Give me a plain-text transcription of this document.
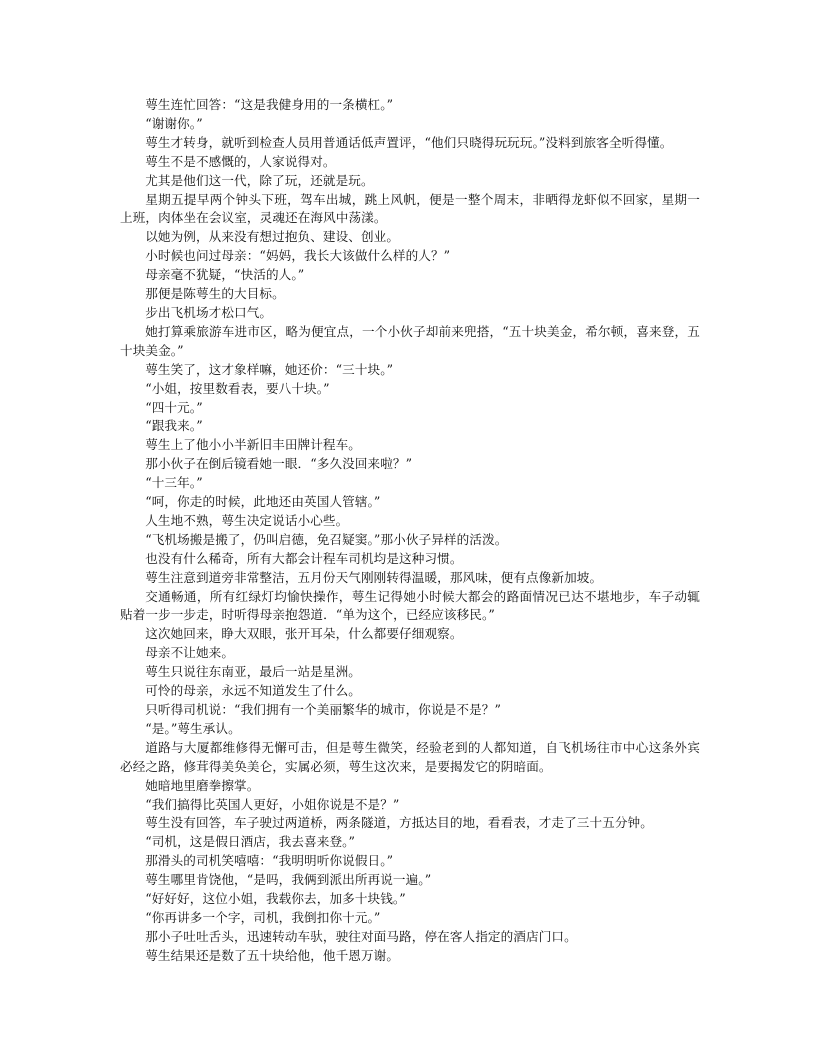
萼生连忙回答：“这是我健身用的一条横杠。”

“谢谢你。”

萼生才转身，就听到检查人员用普通话低声置评，“他们只晓得玩玩玩。”没料到旅客全听得懂。

萼生不是不感慨的，人家说得对。

尤其是他们这一代，除了玩，还就是玩。

星期五提早两个钟头下班，驾车出城，跳上风帆，便是一整个周末，非晒得龙虾似不回家，星期一上班，肉体坐在会议室，灵魂还在海风中荡漾。

以她为例，从来没有想过抱负、建设、创业。

小时候也问过母亲：“妈妈，我长大该做什么样的人？”

母亲毫不犹疑，“快活的人。”

那便是陈萼生的大目标。

步出飞机场才松口气。

她打算乘旅游车进市区，略为便宜点，一个小伙子却前来兜搭，“五十块美金，希尔顿，喜来登，五十块美金。”

萼生笑了，这才象样嘛，她还价：“三十块。”

“小姐，按里数看表，要八十块。”

“四十元。”

“跟我来。”

萼生上了他小小半新旧丰田牌计程车。

那小伙子在倒后镜看她一眼．“多久没回来啦？”

“十三年。”

“呵，你走的时候，此地还由英国人管辖。”

人生地不熟，萼生决定说话小心些。

“飞机场搬是搬了，仍叫启德，免召疑窦。”那小伙子异样的活泼。

也没有什么稀奇，所有大都会计程车司机均是这种习惯。

萼生注意到道旁非常整洁，五月份天气刚刚转得温暖，那风味，便有点像新加坡。

交通畅通，所有红绿灯均愉快操作，萼生记得她小时候大都会的路面情况已达不堪地步，车子动辄贴着一步一步走，时听得母亲抱怨道．“单为这个，已经应该移民。”

这次她回来，睁大双眼，张开耳朵，什么都要仔细观察。

母亲不让她来。

萼生只说往东南亚，最后一站是星洲。

可怜的母亲，永远不知道发生了什么。

只听得司机说：“我们拥有一个美丽繁华的城市，你说是不是？”

“是。”萼生承认。

道路与大厦都维修得无懈可击，但是萼生微笑，经验老到的人都知道，自飞机场往市中心这条外宾必经之路，修茸得美奂美仑，实属必须，萼生这次来，是要揭发它的阴暗面。

她暗地里磨拳擦掌。

“我们搞得比英国人更好，小姐你说是不是？”

萼生没有回答，车子驶过两道桥，两条隧道，方抵达目的地，看看表，才走了三十五分钟。

“司机，这是假日酒店，我去喜来登。”

那滑头的司机笑嘻嘻：“我明明听你说假日。”

萼生哪里肯饶他，“是吗，我俩到派出所再说一遍。”

“好好好，这位小姐，我载你去，加多十块钱。”

“你再讲多一个字，司机，我倒扣你十元。”

那小子吐吐舌头，迅速转动车驮，驶往对面马路，停在客人指定的酒店门口。

萼生结果还是数了五十块给他，他千恩万谢。
